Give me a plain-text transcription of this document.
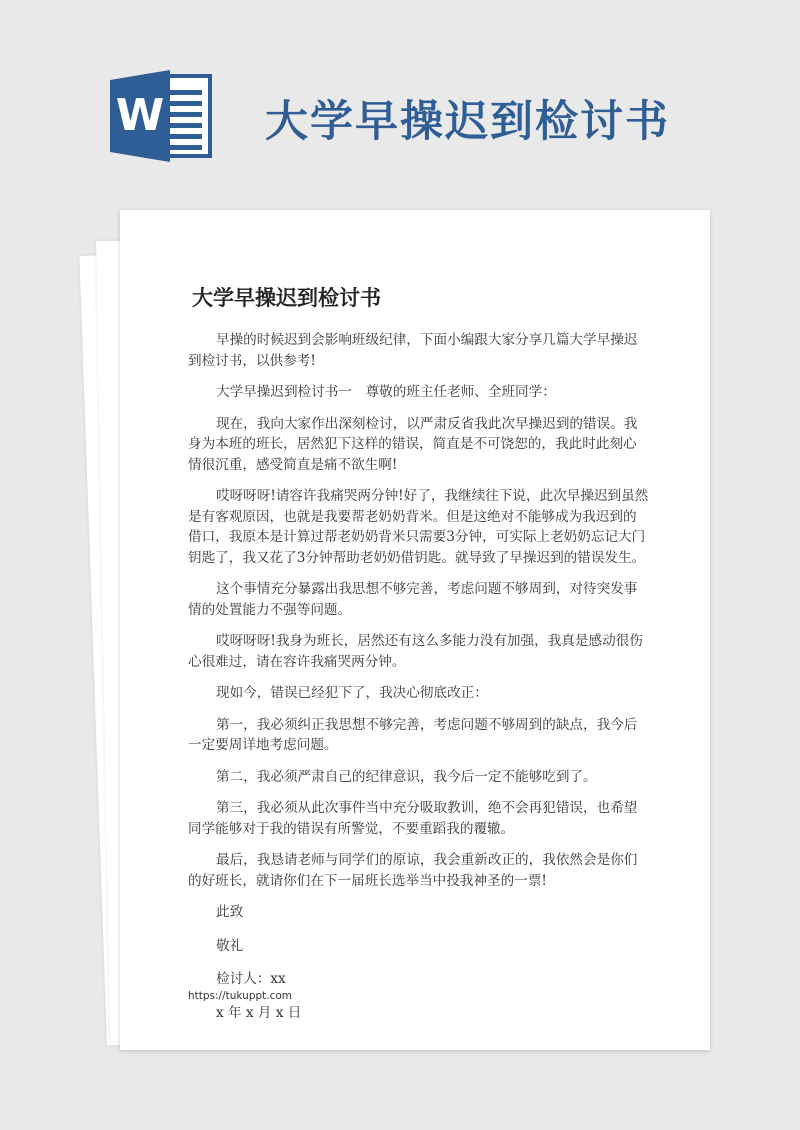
W 大学早操迟到检讨书
大学早操迟到检讨书

早操的时候迟到会影响班级纪律，下面小编跟大家分享几篇大学早操迟到检讨书，以供参考!

大学早操迟到检讨书一　尊敬的班主任老师、全班同学：

现在，我向大家作出深刻检讨，以严肃反省我此次早操迟到的错误。我身为本班的班长，居然犯下这样的错误，简直是不可饶恕的，我此时此刻心情很沉重，感受简直是痛不欲生啊!

哎呀呀呀!请容许我痛哭两分钟!好了，我继续往下说，此次早操迟到虽然是有客观原因，也就是我要帮老奶奶背米。但是这绝对不能够成为我迟到的借口，我原本是计算过帮老奶奶背米只需要3分钟，可实际上老奶奶忘记大门钥匙了，我又花了3分钟帮助老奶奶借钥匙。就导致了早操迟到的错误发生。

这个事情充分暴露出我思想不够完善，考虑问题不够周到，对待突发事情的处置能力不强等问题。

哎呀呀呀!我身为班长，居然还有这么多能力没有加强，我真是感动很伤心很难过，请在容许我痛哭两分钟。

现如今，错误已经犯下了，我决心彻底改正：

第一，我必须纠正我思想不够完善，考虑问题不够周到的缺点，我今后一定要周详地考虑问题。

第二，我必须严肃自己的纪律意识，我今后一定不能够吃到了。

第三，我必须从此次事件当中充分吸取教训，绝不会再犯错误，也希望同学能够对于我的错误有所警觉，不要重蹈我的覆辙。

最后，我恳请老师与同学们的原谅，我会重新改正的，我依然会是你们的好班长，就请你们在下一届班长选举当中投我神圣的一票!

此致

敬礼

检讨人：xx

x 年 x 月 x 日

https://tukuppt.com
